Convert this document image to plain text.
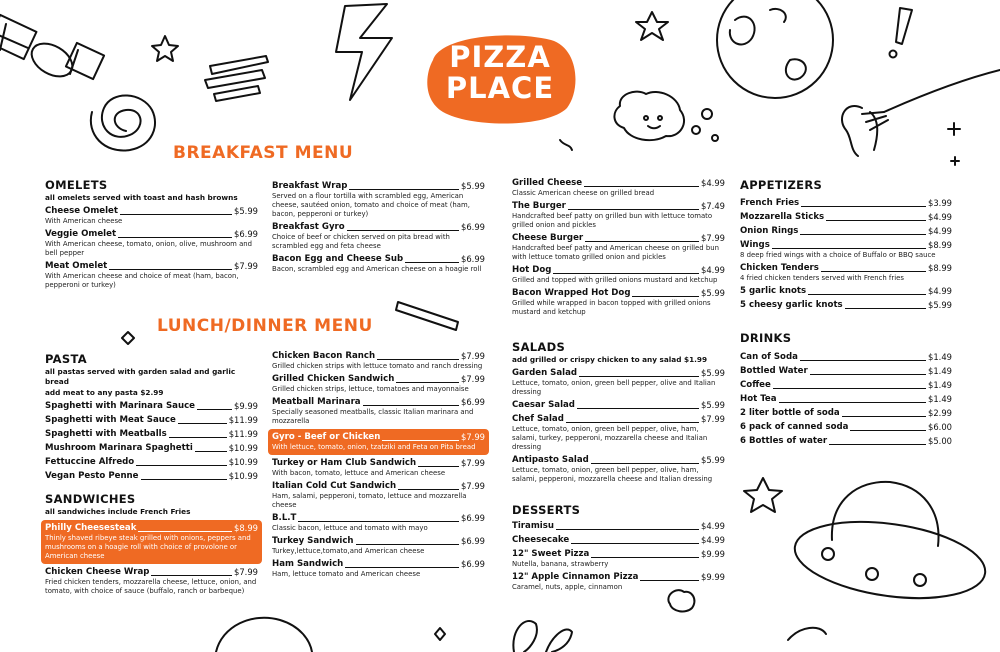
PIZZA
PLACE
BREAKFAST MENU
LUNCH/DINNER MENU
OMELETS
all omelets served with toast and hash browns
Cheese Omelet	$5.99
With American cheese
Veggie Omelet	$6.99
With American cheese, tomato, onion, olive, mushroom and bell pepper
Meat Omelet	$7.99
With American cheese and choice of meat (ham, bacon, pepperoni or turkey)
PASTA
all pastas served with garden salad and garlic bread
add meat to any pasta $2.99
Spaghetti with Marinara Sauce	$9.99
Spaghetti with Meat Sauce	$11.99
Spaghetti with Meatballs	$11.99
Mushroom Marinara Spaghetti	$10.99
Fettuccine Alfredo	$10.99
Vegan Pesto Penne	$10.99
SANDWICHES
all sandwiches include French Fries
Philly Cheesesteak	$8.99
Thinly shaved ribeye steak grilled with onions, peppers and mushrooms on a hoagie roll with choice of provolone or American cheese
Chicken Cheese Wrap	$7.99
Fried chicken tenders, mozzarella cheese, lettuce, onion, and tomato, with choice of sauce (buffalo, ranch or barbeque)
Breakfast Wrap	$5.99
Served on a flour tortilla with scrambled egg, American cheese, sautéed onion, tomato and choice of meat (ham, bacon, pepperoni or turkey)
Breakfast Gyro	$6.99
Choice of beef or chicken served on pita bread with scrambled egg and feta cheese
Bacon Egg and Cheese Sub	$6.99
Bacon, scrambled egg and American cheese on a hoagie roll
Chicken Bacon Ranch	$7.99
Grilled chicken strips with lettuce tomato and ranch dressing
Grilled Chicken Sandwich	$7.99
Grilled chicken strips, lettuce, tomatoes and mayonnaise
Meatball Marinara	$6.99
Specially seasoned meatballs, classic Italian marinara and mozzarella
Gyro - Beef or Chicken	$7.99
With lettuce, tomato, onion, tzatziki and Feta on Pita bread
Turkey or Ham Club Sandwich	$7.99
With bacon, tomato, lettuce and American cheese
Italian Cold Cut Sandwich	$7.99
Ham, salami, pepperoni, tomato, lettuce and mozzarella cheese
B.L.T	$6.99
Classic bacon, lettuce and tomato with mayo
Turkey Sandwich	$6.99
Turkey,lettuce,tomato,and American cheese
Ham Sandwich	$6.99
Ham, lettuce tomato and American cheese
Grilled Cheese	$4.99
Classic American cheese on grilled bread
The Burger	$7.49
Handcrafted beef patty on grilled bun with lettuce tomato grilled onion and pickles
Cheese Burger	$7.99
Handcrafted beef patty and American cheese on grilled bun with lettuce tomato grilled onion and pickles
Hot Dog	$4.99
Grilled and topped with grilled onions mustard and ketchup
Bacon Wrapped Hot Dog	$5.99
Grilled while wrapped in bacon topped with grilled onions mustard and ketchup
SALADS
add grilled or crispy chicken to any salad $1.99
Garden Salad	$5.99
Lettuce, tomato, onion, green bell pepper, olive and Italian dressing
Caesar Salad	$5.99
Chef Salad	$7.99
Lettuce, tomato, onion, green bell pepper, olive, ham, salami, turkey, pepperoni, mozzarella cheese and Italian dressing
Antipasto Salad	$5.99
Lettuce, tomato, onion, green bell pepper, olive, ham, salami, pepperoni, mozzarella cheese and Italian dressing
DESSERTS
Tiramisu	$4.99
Cheesecake	$4.99
12" Sweet Pizza	$9.99
Nutella, banana, strawberry
12" Apple Cinnamon Pizza	$9.99
Caramel, nuts, apple, cinnamon
APPETIZERS
French Fries	$3.99
Mozzarella Sticks	$4.99
Onion Rings	$4.99
Wings	$8.99
8 deep fried wings with a choice of Buffalo or BBQ sauce
Chicken Tenders	$8.99
4 fried chicken tenders served with French fries
5 garlic knots	$4.99
5 cheesy garlic knots	$5.99
DRINKS
Can of Soda	$1.49
Bottled Water	$1.49
Coffee	$1.49
Hot Tea	$1.49
2 liter bottle of soda	$2.99
6 pack of canned soda	$6.00
6 Bottles of water	$5.00
